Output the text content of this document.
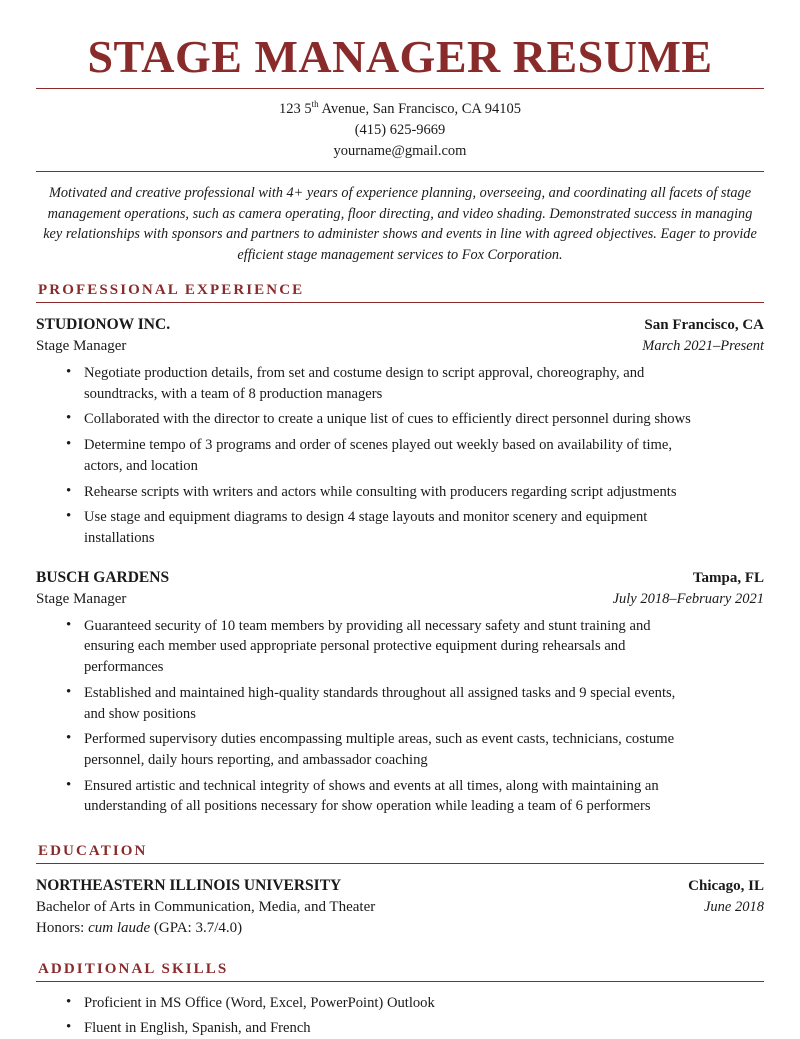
STAGE MANAGER RESUME
123 5th Avenue, San Francisco, CA 94105
(415) 625-9669
yourname@gmail.com

Motivated and creative professional with 4+ years of experience planning, overseeing, and coordinating all facets of stage management operations, such as camera operating, floor directing, and video shading. Demonstrated success in managing key relationships with sponsors and partners to administer shows and events in line with agreed objectives. Eager to provide efficient stage management services to Fox Corporation.

PROFESSIONAL EXPERIENCE
STUDIONOW INC.	San Francisco, CA
Stage Manager	March 2021–Present
• Negotiate production details, from set and costume design to script approval, choreography, and soundtracks, with a team of 8 production managers
• Collaborated with the director to create a unique list of cues to efficiently direct personnel during shows
• Determine tempo of 3 programs and order of scenes played out weekly based on availability of time, actors, and location
• Rehearse scripts with writers and actors while consulting with producers regarding script adjustments
• Use stage and equipment diagrams to design 4 stage layouts and monitor scenery and equipment installations
BUSCH GARDENS	Tampa, FL
Stage Manager	July 2018–February 2021
• Guaranteed security of 10 team members by providing all necessary safety and stunt training and ensuring each member used appropriate personal protective equipment during rehearsals and performances
• Established and maintained high-quality standards throughout all assigned tasks and 9 special events, and show positions
• Performed supervisory duties encompassing multiple areas, such as event casts, technicians, costume personnel, daily hours reporting, and ambassador coaching
• Ensured artistic and technical integrity of shows and events at all times, along with maintaining an understanding of all positions necessary for show operation while leading a team of 6 performers
EDUCATION
NORTHEASTERN ILLINOIS UNIVERSITY	Chicago, IL
Bachelor of Arts in Communication, Media, and Theater	June 2018
Honors: cum laude (GPA: 3.7/4.0)
ADDITIONAL SKILLS
• Proficient in MS Office (Word, Excel, PowerPoint) Outlook
• Fluent in English, Spanish, and French
